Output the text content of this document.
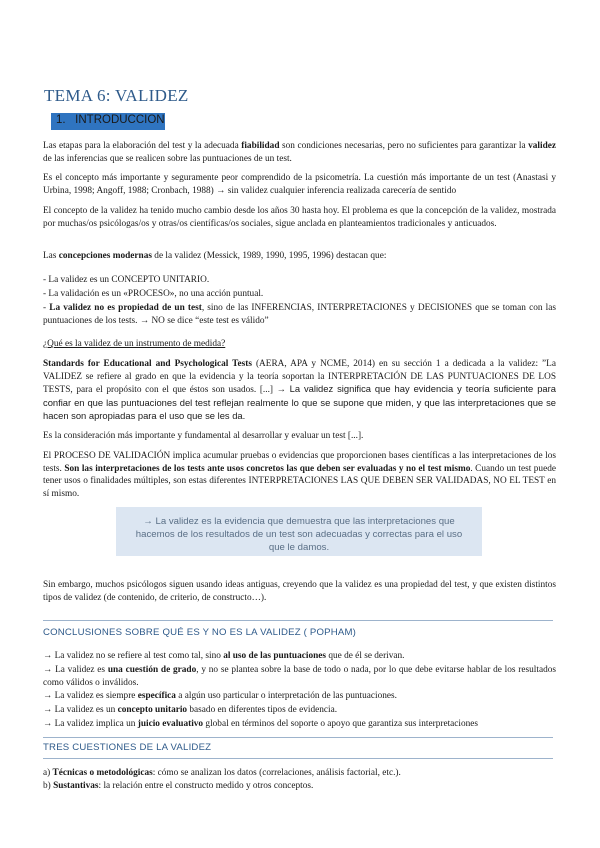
TEMA 6: VALIDEZ
1.   INTRODUCCION
Las etapas para la elaboración del test y la adecuada fiabilidad son condiciones necesarias, pero no suficientes para garantizar la validez de las inferencias que se realicen sobre las puntuaciones de un test.
Es el concepto más importante y seguramente peor comprendido de la psicometría. La cuestión más importante de un test (Anastasi y Urbina, 1998; Angoff, 1988; Cronbach, 1988) → sin validez cualquier inferencia realizada carecería de sentido
El concepto de la validez ha tenido mucho cambio desde los años 30 hasta hoy. El problema es que la concepción de la validez, mostrada por muchas/os psicólogas/os y otras/os científicas/os sociales, sigue anclada en planteamientos tradicionales y anticuados.
Las concepciones modernas de la validez (Messick, 1989, 1990, 1995, 1996) destacan que:
- La validez es un CONCEPTO UNITARIO.
- La validación es un «PROCESO», no una acción puntual.
- La validez no es propiedad de un test, sino de las INFERENCIAS, INTERPRETACIONES y DECISIONES que se toman con las puntuaciones de los tests. → NO se dice “este test es válido”
¿Qué es la validez de un instrumento de medida?
Standards for Educational and Psychological Tests (AERA, APA y NCME, 2014) en su sección 1 a dedicada a la validez: ”La VALIDEZ se refiere al grado en que la evidencia y la teoría soportan la INTERPRETACIÓN DE LAS PUNTUACIONES DE LOS TESTS, para el propósito con el que éstos son usados. [...] → La validez significa que hay evidencia y teoría suficiente para confiar en que las puntuaciones del test reflejan realmente lo que se supone que miden, y que las interpretaciones que se hacen son apropiadas para el uso que se les da.
Es la consideración más importante y fundamental al desarrollar y evaluar un test [...].
El PROCESO DE VALIDACIÓN implica acumular pruebas o evidencias que proporcionen bases científicas a las interpretaciones de los tests. Son las interpretaciones de los tests ante usos concretos las que deben ser evaluadas y no el test mismo. Cuando un test puede tener usos o finalidades múltiples, son estas diferentes INTERPRETACIONES LAS QUE DEBEN SER VALIDADAS, NO EL TEST en sí mismo.
→ La validez es la evidencia que demuestra que las interpretaciones que hacemos de los resultados de un test son adecuadas y correctas para el uso que le damos.
Sin embargo, muchos psicólogos siguen usando ideas antiguas, creyendo que la validez es una propiedad del test, y que existen distintos tipos de validez (de contenido, de criterio, de constructo…).
CONCLUSIONES SOBRE QUÉ ES Y NO ES LA VALIDEZ ( POPHAM)
→ La validez no se refiere al test como tal, sino al uso de las puntuaciones que de él se derivan.
→ La validez es una cuestión de grado, y no se plantea sobre la base de todo o nada, por lo que debe evitarse hablar de los resultados como válidos o inválidos.
→ La validez es siempre específica a algún uso particular o interpretación de las puntuaciones.
→ La validez es un concepto unitario basado en diferentes tipos de evidencia.
→ La validez implica un juicio evaluativo global en términos del soporte o apoyo que garantiza sus interpretaciones
TRES CUESTIONES DE LA VALIDEZ
a) Técnicas o metodológicas: cómo se analizan los datos (correlaciones, análisis factorial, etc.).
b) Sustantivas: la relación entre el constructo medido y otros conceptos.
